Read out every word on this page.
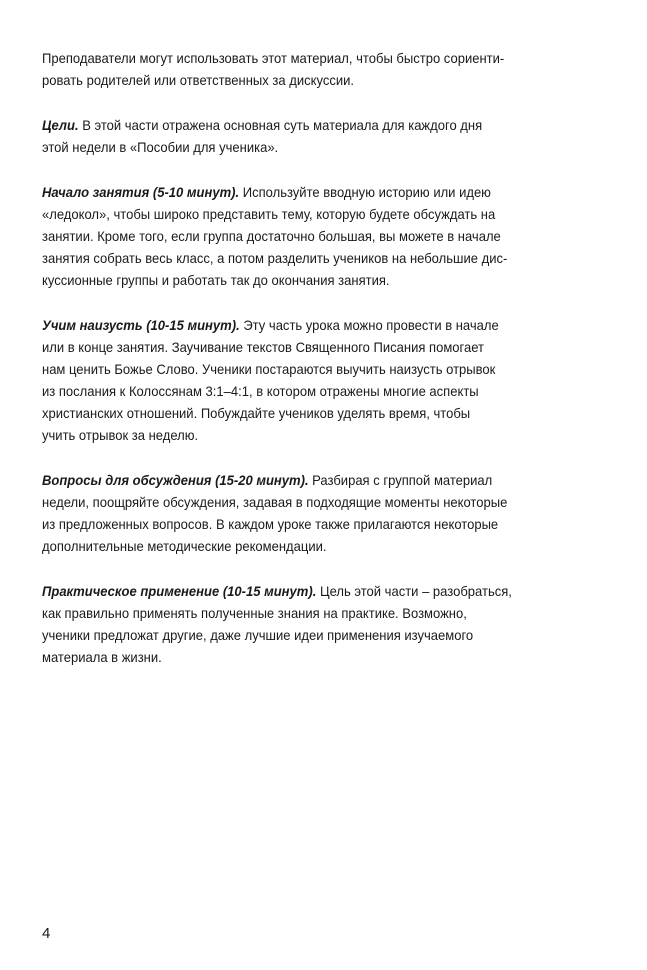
Преподаватели могут использовать этот материал, чтобы быстро сориенти-
ровать родителей или ответственных за дискуссии.

Цели. В этой части отражена основная суть материала для каждого дня
этой недели в «Пособии для ученика».

Начало занятия (5-10 минут). Используйте вводную историю или идею
«ледокол», чтобы широко представить тему, которую будете обсуждать на
занятии. Кроме того, если группа достаточно большая, вы можете в начале
занятия собрать весь класс, а потом разделить учеников на небольшие дис-
куссионные группы и работать так до окончания занятия.

Учим наизусть (10-15 минут). Эту часть урока можно провести в начале
или в конце занятия. Заучивание текстов Священного Писания помогает
нам ценить Божье Слово. Ученики постараются выучить наизусть отрывок
из послания к Колоссянам 3:1–4:1, в котором отражены многие аспекты
христианских отношений. Побуждайте учеников уделять время, чтобы
учить отрывок за неделю.

Вопросы для обсуждения (15-20 минут). Разбирая с группой материал
недели, поощряйте обсуждения, задавая в подходящие моменты некоторые
из предложенных вопросов. В каждом уроке также прилагаются некоторые
дополнительные методические рекомендации.

Практическое применение (10-15 минут). Цель этой части – разобраться,
как правильно применять полученные знания на практике. Возможно,
ученики предложат другие, даже лучшие идеи применения изучаемого
материала в жизни.

4
